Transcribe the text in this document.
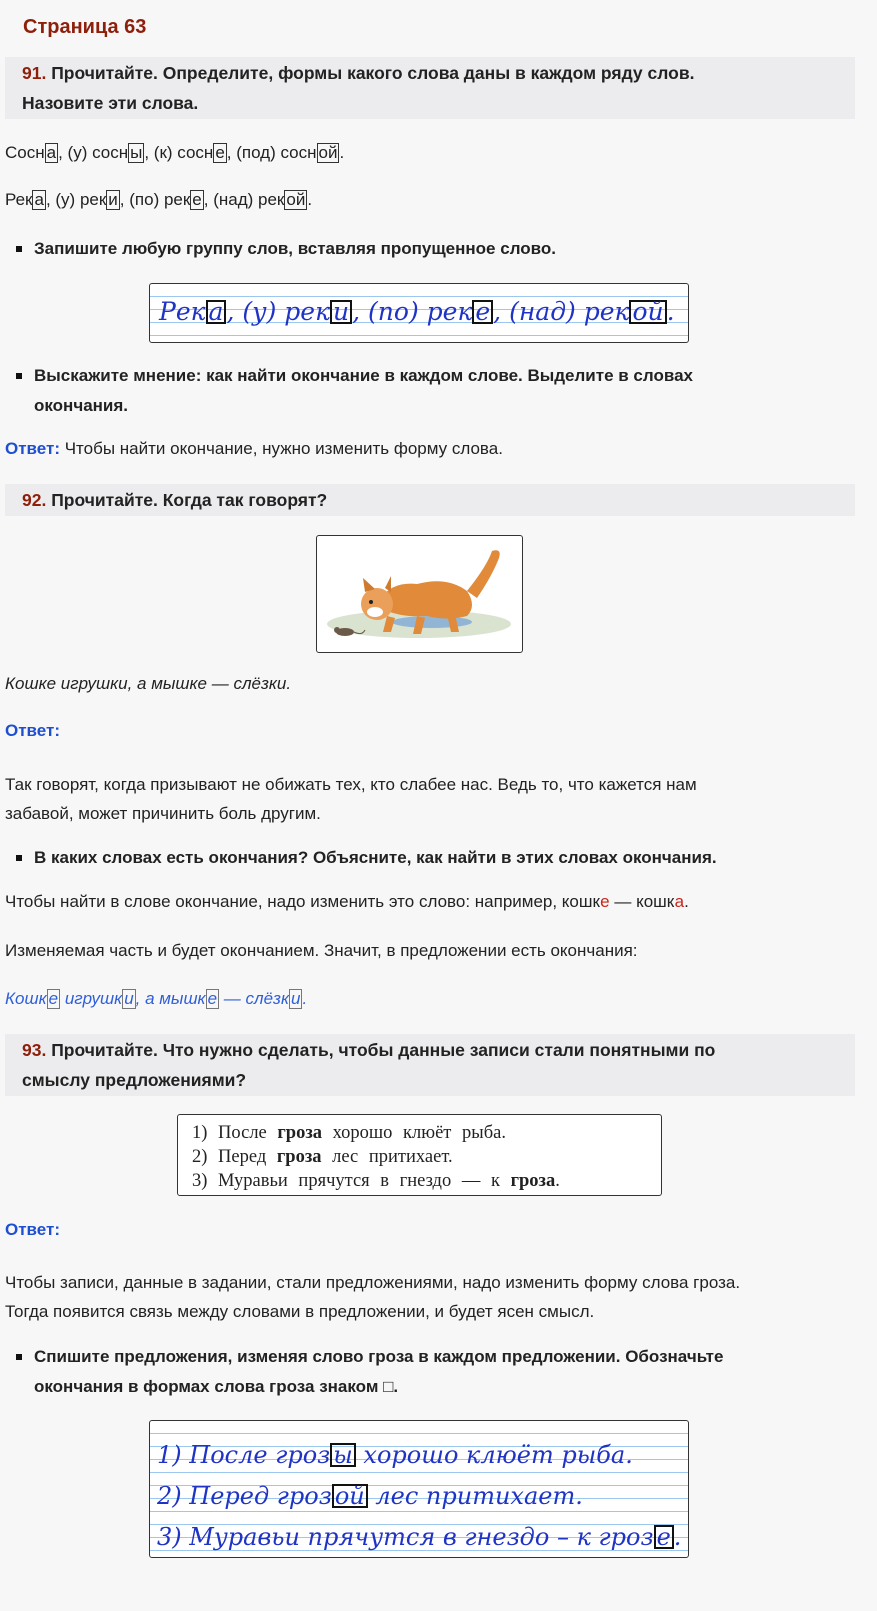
Страница 63
91. Прочитайте. Определите, формы какого слова даны в каждом ряду слов.
Назовите эти слова.
Сосн а , (у) сосн ы , (к) сосн е , (под) сосн ой .
Рек а , (у) рек и , (по) рек е , (над) рек ой .
Запишите любую группу слов, вставляя пропущенное слово.
Рек а , (у) рек и , (по) рек е , (над) рек ой .
Выскажите мнение: как найти окончание в каждом слове. Выделите в словах
окончания.
Ответ: Чтобы найти окончание, нужно изменить форму слова.
92. Прочитайте. Когда так говорят?
Кошке игрушки, а мышке — слёзки.
Ответ:
Так говорят, когда призывают не обижать тех, кто слабее нас. Ведь то, что кажется нам
забавой, может причинить боль другим.
В каких словах есть окончания? Объясните, как найти в этих словах окончания.
Чтобы найти в слове окончание, надо изменить это слово: например, кошке — кошка.
Изменяемая часть и будет окончанием. Значит, в предложении есть окончания:
Кошк е игрушк и , а мышк е — слёзк и .
93. Прочитайте. Что нужно сделать, чтобы данные записи стали понятными по
смыслу предложениями?
1) После гроза хорошо клюёт рыба.
2) Перед гроза лес притихает.
3) Муравьи прячутся в гнездо — к гроза.
Ответ:
Чтобы записи, данные в задании, стали предложениями, надо изменить форму слова гроза.
Тогда появится связь между словами в предложении, и будет ясен смысл.
Спишите предложения, изменяя слово гроза в каждом предложении. Обозначьте
окончания в формах слова гроза знаком □.
1) После гроз ы хорошо клюёт рыба.
2) Перед гроз ой лес притихает.
3) Муравьи прячутся в гнездо – к гроз е .
